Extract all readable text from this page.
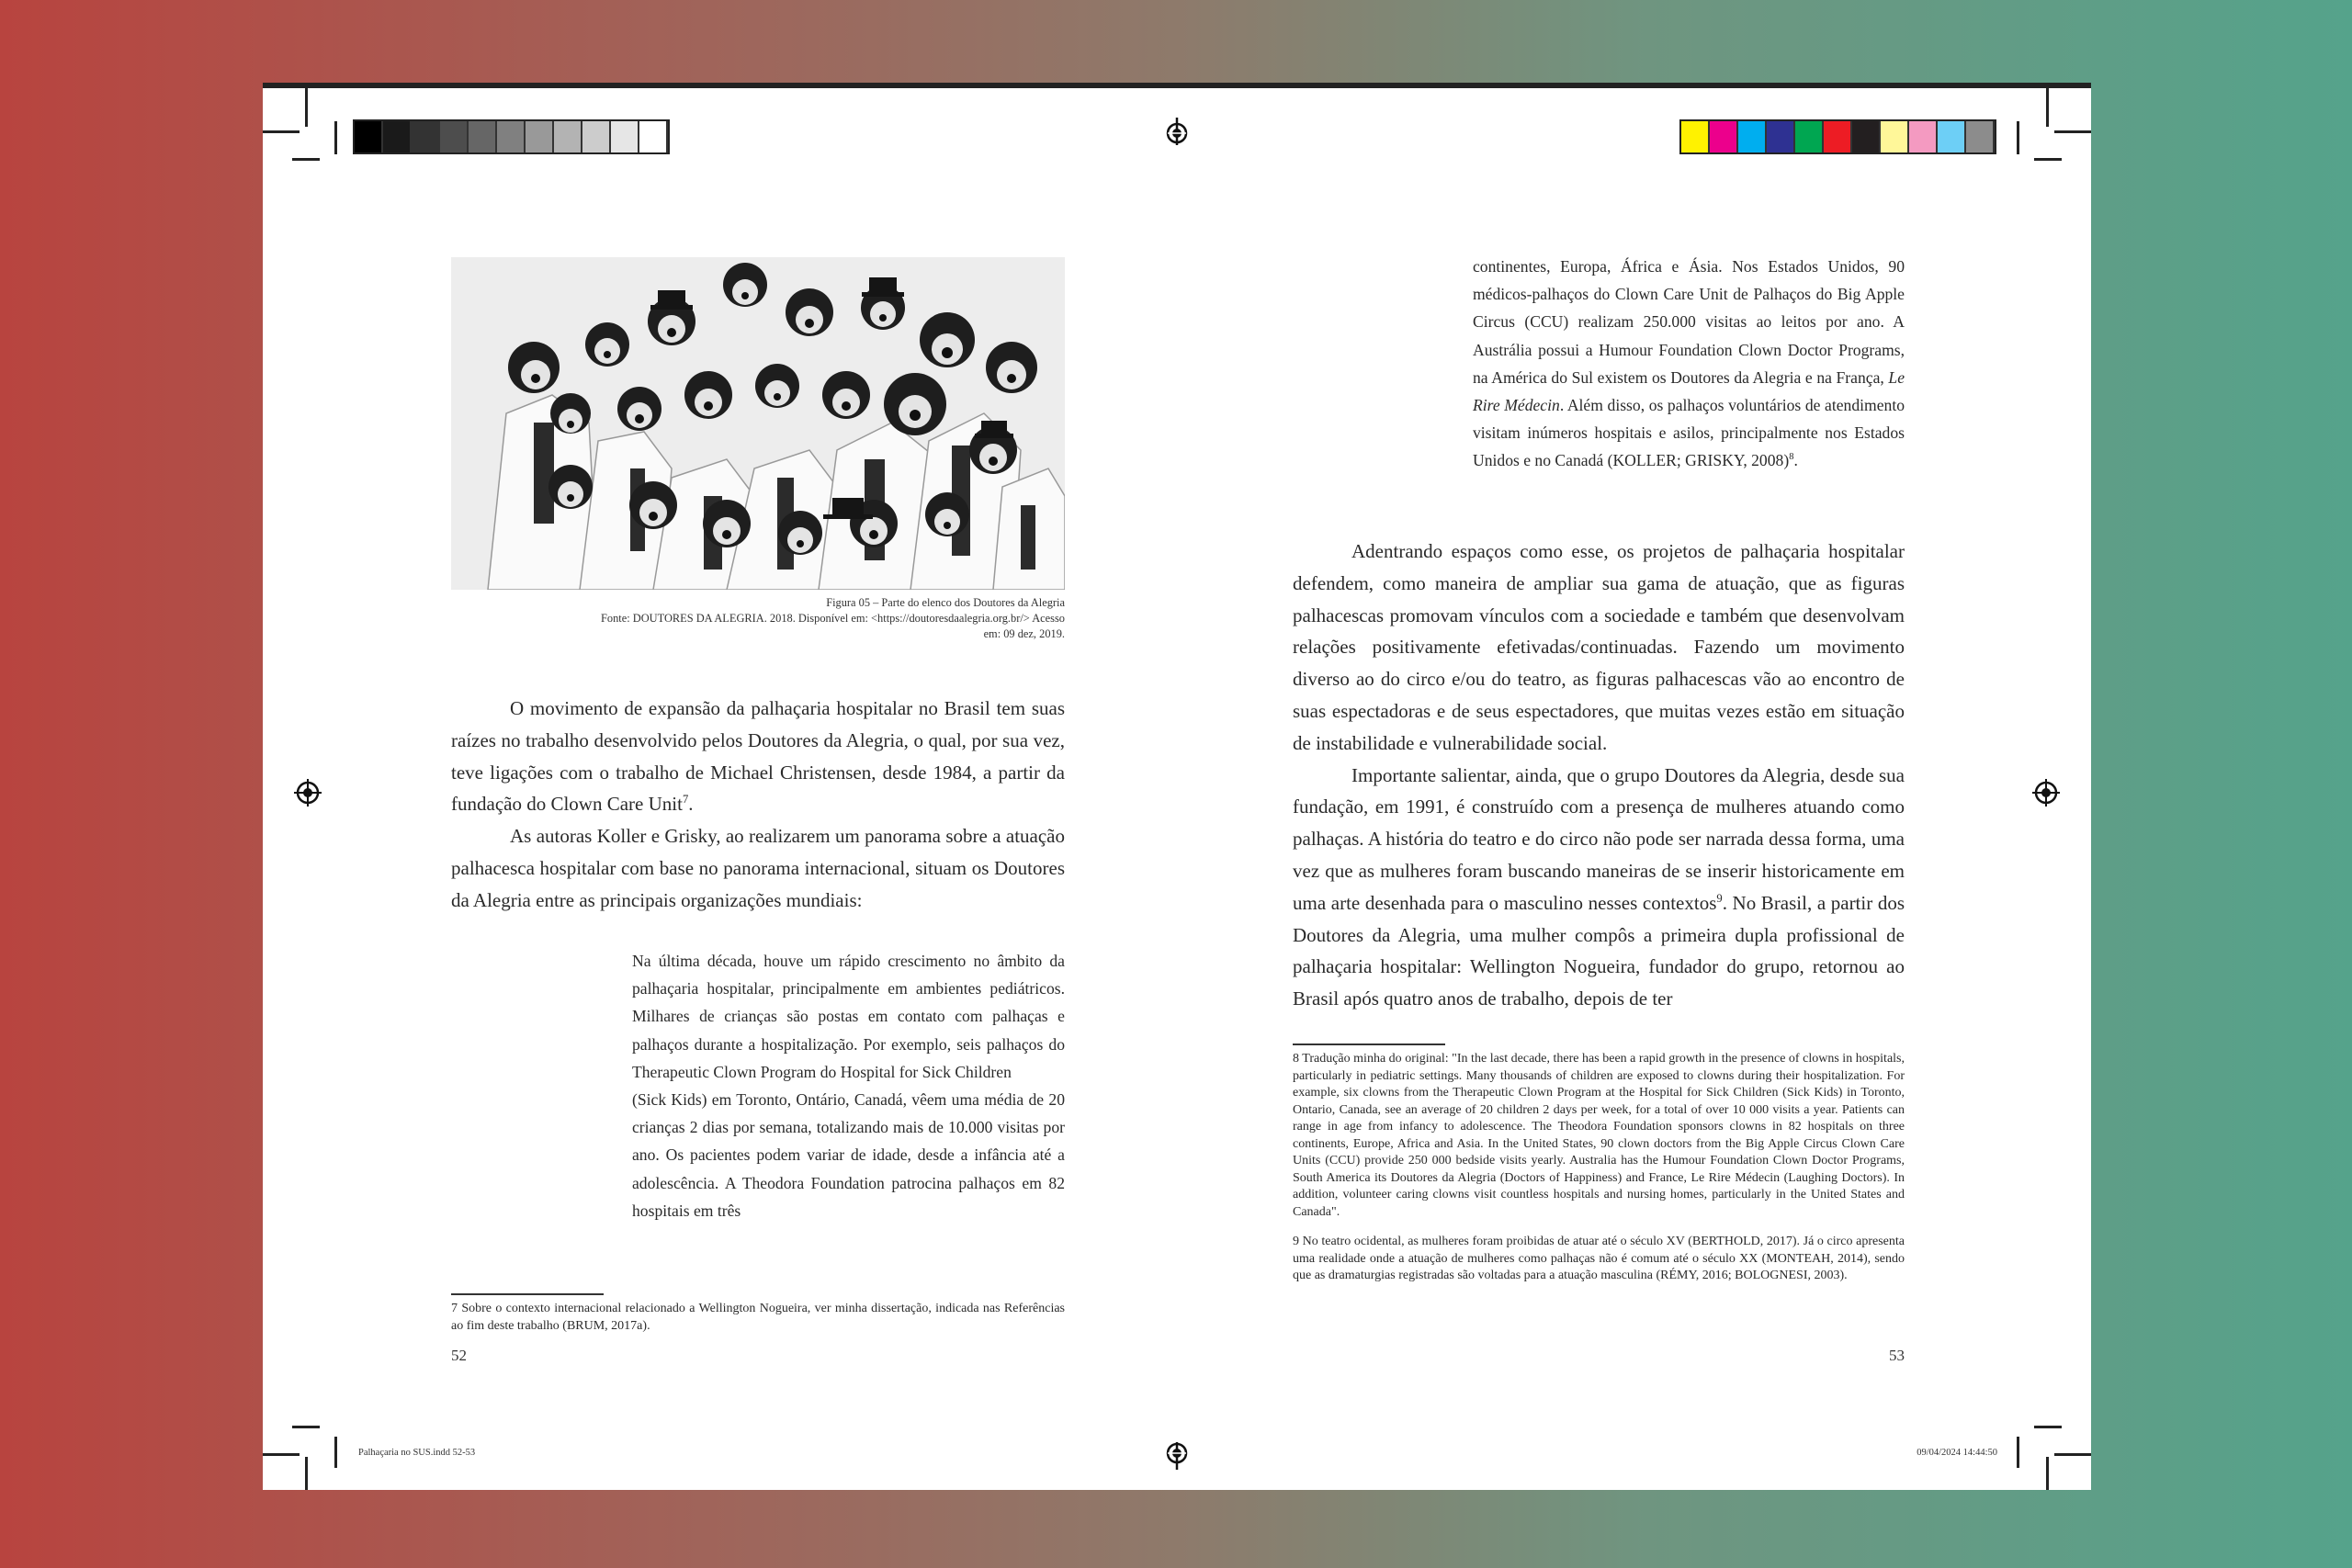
Figura 05 – Parte do elenco dos Doutores da Alegria
Fonte: DOUTORES DA ALEGRIA. 2018. Disponível em: <https://doutoresdaalegria.org.br/> Acesso
em: 09 dez, 2019.

O movimento de expansão da palhaçaria hospitalar no Brasil tem suas raízes no trabalho desenvolvido pelos Doutores da Alegria, o qual, por sua vez, teve ligações com o trabalho de Michael Christensen, desde 1984, a partir da fundação do Clown Care Unit$^7$.

As autoras Koller e Grisky, ao realizarem um panorama sobre a atuação palhacesca hospitalar com base no panorama internacional, situam os Doutores da Alegria entre as principais organizações mundiais:

Na última década, houve um rápido crescimento no âmbito da palhaçaria hospitalar, principalmente em ambientes pediátricos. Milhares de crianças são postas em contato com palhaças e palhaços durante a hospitalização. Por exemplo, seis palhaços do Therapeutic Clown Program do Hospital for Sick Children
(Sick Kids) em Toronto, Ontário, Canadá, vêem uma média de 20 crianças 2 dias por semana, totalizando mais de 10.000 visitas por ano. Os pacientes podem variar de idade, desde a infância até a adolescência. A Theodora Foundation patrocina palhaços em 82 hospitais em três
7 Sobre o contexto internacional relacionado a Wellington Nogueira, ver minha dissertação, indicada nas Referências ao fim deste trabalho (BRUM, 2017a).
52
continentes, Europa, África e Ásia. Nos Estados Unidos, 90 médicos-palhaços do Clown Care Unit de Palhaços do Big Apple Circus (CCU) realizam 250.000 visitas ao leitos por ano. A Austrália possui a Humour Foundation Clown Doctor Programs, na América do Sul existem os Doutores da Alegria e na França, Le Rire Médecin. Além disso, os palhaços voluntários de atendimento visitam inúmeros hospitais e asilos, principalmente nos Estados Unidos e no Canadá (KOLLER; GRISKY, 2008)$^8$.

Adentrando espaços como esse, os projetos de palhaçaria hospitalar defendem, como maneira de ampliar sua gama de atuação, que as figuras palhacescas promovam vínculos com a sociedade e também que desenvolvam relações positivamente efetivadas/continuadas. Fazendo um movimento diverso ao do circo e/ou do teatro, as figuras palhacescas vão ao encontro de suas espectadoras e de seus espectadores, que muitas vezes estão em situação de instabilidade e vulnerabilidade social.

Importante salientar, ainda, que o grupo Doutores da Alegria, desde sua fundação, em 1991, é construído com a presença de mulheres atuando como palhaças. A história do teatro e do circo não pode ser narrada dessa forma, uma vez que as mulheres foram buscando maneiras de se inserir historicamente em uma arte desenhada para o masculino nesses contextos$^9$. No Brasil, a partir dos Doutores da Alegria, uma mulher compôs a primeira dupla profissional de palhaçaria hospitalar: Wellington Nogueira, fundador do grupo, retornou ao Brasil após quatro anos de trabalho, depois de ter

8 Tradução minha do original: "In the last decade, there has been a rapid growth in the presence of clowns in hospitals, particularly in pediatric settings. Many thousands of children are exposed to clowns during their hospitalization. For example, six clowns from the Therapeutic Clown Program at the Hospital for Sick Children (Sick Kids) in Toronto, Ontario, Canada, see an average of 20 children 2 days per week, for a total of over 10 000 visits a year. Patients can range in age from infancy to adolescence. The Theodora Foundation sponsors clowns in 82 hospitals on three continents, Europe, Africa and Asia. In the United States, 90 clown doctors from the Big Apple Circus Clown Care Units (CCU) provide 250 000 bedside visits yearly. Australia has the Humour Foundation Clown Doctor Programs, South America its Doutores da Alegria (Doctors of Happiness) and France, Le Rire Médecin (Laughing Doctors). In addition, volunteer caring clowns visit countless hospitals and nursing homes, particularly in the United States and Canada".

9 No teatro ocidental, as mulheres foram proibidas de atuar até o século XV (BERTHOLD, 2017). Já o circo apresenta uma realidade onde a atuação de mulheres como palhaças não é comum até o século XX (MONTEAH, 2014), sendo que as dramaturgias registradas são voltadas para a atuação masculina (RÉMY, 2016; BOLOGNESI, 2003).

53
Palhaçaria no SUS.indd 52-53	09/04/2024 14:44:50
